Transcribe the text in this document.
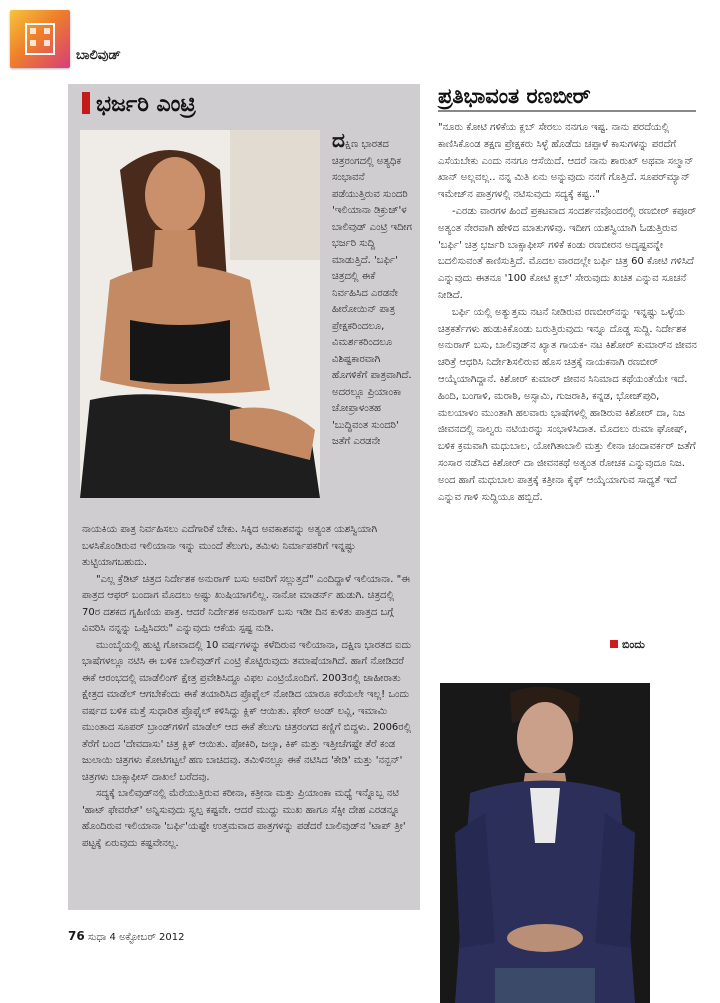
ಬಾಲಿವುಡ್
ಭರ್ಜರಿ ಎಂಟ್ರಿ
ದಕ್ಷಿಣ ಭಾರತದ ಚಿತ್ರರಂಗದಲ್ಲಿ ಅತ್ಯಧಿಕ ಸಂಭಾವನೆ ಪಡೆಯುತ್ತಿರುವ ಸುಂದರಿ 'ಇಲಿಯಾನಾ ಡಿಕ್ರುಜ್'ಳ ಬಾಲಿವುಡ್ ಎಂಟ್ರಿ ಇದೀಗ ಭರ್ಜರಿ ಸುದ್ದಿ ಮಾಡುತ್ತಿದೆ. 'ಬರ್ಫಿ' ಚಿತ್ರದಲ್ಲಿ ಈಕೆ ನಿರ್ವಹಿಸಿದ ಎರಡನೇ ಹೀರೋಯಿನ್ ಪಾತ್ರ ಪ್ರೇಕ್ಷಕರಿಂದಲೂ, ವಿಮರ್ಶಕರಿಂದಲೂ ವಿಶಿಷ್ಟಕಾರವಾಗಿ ಹೊಗಳಿಕೆಗೆ ಪಾತ್ರವಾಗಿದೆ. ಅದರಲ್ಲೂ ಪ್ರಿಯಾಂಕಾ ಚೋಪ್ರಾಳಂತಹ 'ಬುದ್ಧಿವಂತ ಸುಂದರಿ' ಜತೆಗೆ ಎರಡನೇ

ನಾಯಕಿಯ ಪಾತ್ರ ನಿರ್ವಹಿಸಲು ಎದೆಗಾರಿಕೆ ಬೇಕು. ಸಿಕ್ಕಿದ ಅವಕಾಶವನ್ನು ಅತ್ಯಂತ ಯಶಸ್ವಿಯಾಗಿ ಬಳಸಿಕೊಂಡಿರುವ ಇಲಿಯಾನಾ ಇನ್ನು ಮುಂದೆ ತೆಲುಗು, ತಮಿಳು ನಿರ್ಮಾಪಕರಿಗೆ ಇನ್ನಷ್ಟು ತುಟ್ಟಿಯಾಗಬಹುದು.

"ಎಲ್ಲ ಕ್ರೆಡಿಟ್ ಚಿತ್ರದ ನಿರ್ದೇಶಕ ಅನುರಾಗ್ ಬಸು ಅವರಿಗೆ ಸಲ್ಲುತ್ತದೆ" ಎಂದಿದ್ದಾಳೆ ಇಲಿಯಾನಾ. "ಈ ಪಾತ್ರದ ಆಫರ್ ಬಂದಾಗ ಮೊದಲು ಅಷ್ಟು ಖುಷಿಯಾಗಲಿಲ್ಲ. ನಾನೋ ಮಾಡರ್ನ್ ಹುಡುಗಿ. ಚಿತ್ರದಲ್ಲಿ 70ರ ದಶಕದ ಗೃಹಿಣಿಯ ಪಾತ್ರ. ಆದರೆ ನಿರ್ದೇಶಕ ಅನುರಾಗ್ ಬಸು ಇಡೀ ದಿನ ಕುಳಿತು ಪಾತ್ರದ ಬಗ್ಗೆ ವಿವರಿಸಿ ನನ್ನನ್ನು ಒಪ್ಪಿಸಿದರು" ಎನ್ನುವುದು ಆಕೆಯ ಸ್ಪಷ್ಟ ನುಡಿ.

ಮುಂಬೈಯಲ್ಲಿ ಹುಟ್ಟಿ ಗೋವಾದಲ್ಲಿ 10 ವರ್ಷಗಳನ್ನು ಕಳೆದಿರುವ ಇಲಿಯಾನಾ, ದಕ್ಷಿಣ ಭಾರತದ ಐದು ಭಾಷೆಗಳಲ್ಲೂ ನಟಿಸಿ ಈ ಬಳಿಕ ಬಾಲಿವುಡ್‌ಗೆ ಎಂಟ್ರಿ ಕೊಟ್ಟಿರುವುದು ತಮಾಷೆಯಾಗಿದೆ. ಹಾಗೆ ನೋಡಿದರೆ ಈಕೆ ಆರಂಭದಲ್ಲಿ ಮಾಡೆಲಿಂಗ್ ಕ್ಷೇತ್ರ ಪ್ರವೇಶಿಸಿದ್ದೂ ವಿಫಲ ಎಂಟ್ರಿಯೊಂದಿಗೆ. 2003ರಲ್ಲಿ ಜಾಹೀರಾತು ಕ್ಷೇತ್ರದ ಮಾಡೆಲ್ ಆಗಬೇಕೆಂದು ಈಕೆ ತಯಾರಿಸಿದ ಪ್ರೊಫೈಲ್ ನೋಡಿದ ಯಾರೂ ಕರೆಯಲೇ ಇಲ್ಲ! ಒಂದು ವರ್ಷದ ಬಳಿಕ ಮತ್ತೆ ಸುಧಾರಿತ ಪ್ರೊಫೈಲ್ ಕಳಿಸಿದ್ದು ಕ್ಲಿಕ್ ಆಯಿತು. ಫೇರ್ ಅಂಡ್ ಲವ್ಲಿ, ಇಮಾಮಿ ಮುಂತಾದ ಸೂಪರ್ ಬ್ರಾಂಡ್‌ಗಳಿಗೆ ಮಾಡೆಲ್ ಆದ ಈಕೆ ತೆಲುಗು ಚಿತ್ರರಂಗದ ಕಣ್ಣಿಗೆ ಬಿದ್ದಳು. 2006ರಲ್ಲಿ ತೆರೆಗೆ ಬಂದ 'ದೇವದಾಸು' ಚಿತ್ರ ಕ್ಲಿಕ್ ಆಯಿತು. ಪೋಕಿರಿ, ಜಲ್ಸಾ, ಕಿಕ್ ಮತ್ತು ಇತ್ತೀಚೆಗಷ್ಟೇ ತೆರೆ ಕಂಡ ಜುಲಾಯಿ ಚಿತ್ರಗಳು ಕೋಟಿಗಟ್ಟಲೆ ಹಣ ಬಾಚಿದವು. ತಮಿಳಿನಲ್ಲೂ ಈಕೆ ನಟಿಸಿದ 'ಕೇಡಿ' ಮತ್ತು 'ನನ್ಬನ್' ಚಿತ್ರಗಳು ಬಾಕ್ಸಾಫೀಸ್ ದಾಖಲೆ ಬರೆದವು.

ಸದ್ಯಕ್ಕೆ ಬಾಲಿವುಡ್‌ನಲ್ಲಿ ಮೆರೆಯುತ್ತಿರುವ ಕರೀನಾ, ಕತ್ರೀನಾ ಮತ್ತು ಪ್ರಿಯಾಂಕಾ ಮಧ್ಯೆ ಇನ್ನೊಬ್ಬ ನಟಿ 'ಹಾಟ್ ಫೇವರೆಟ್' ಅನ್ನಿಸುವುದು ಸ್ವಲ್ಪ ಕಷ್ಟವೇ. ಆದರೆ ಮುದ್ದು ಮುಖ ಹಾಗೂ ಸೆಕ್ಸೀ ದೇಹ ಎರಡನ್ನೂ ಹೊಂದಿರುವ ಇಲಿಯಾನಾ 'ಬರ್ಫಿ'ಯಷ್ಟೇ ಉತ್ತಮವಾದ ಪಾತ್ರಗಳನ್ನು ಪಡೆದರೆ ಬಾಲಿವುಡ್‌ನ 'ಟಾಪ್ ತ್ರೀ' ಪಟ್ಟಕ್ಕೆ ಏರುವುದು ಕಷ್ಟವೇನಲ್ಲ.

76 ಸುಧಾ 4 ಅಕ್ಟೋಬರ್ 2012
ಪ್ರತಿಭಾವಂತ ರಣಬೀರ್

"ನೂರು ಕೋಟಿ ಗಳಿಕೆಯ ಕ್ಲಬ್ ಸೇರಲು ನನಗೂ ಇಷ್ಟ. ನಾನು ಪರದೆಯಲ್ಲಿ ಕಾಣಿಸಿಕೊಂಡ ತಕ್ಷಣ ಪ್ರೇಕ್ಷಕರು ಸಿಳ್ಳೆ ಹೊಡೆದು ಚಪ್ಪಾಳೆ ಕಾಸುಗಳನ್ನು ಪರದೆಗೆ ಎಸೆಯಬೇಕು ಎಂದು ನನಗೂ ಆಸೆಯಿದೆ. ಆದರೆ ನಾನು ಶಾರುಖ್ ಅಥವಾ ಸಲ್ಮಾನ್ ಖಾನ್ ಅಲ್ಲವಲ್ಲ.. ನನ್ನ ಮಿತಿ ಏನು ಅನ್ನುವುದು ನನಗೆ ಗೊತ್ತಿದೆ. ಸೂಪರ್‌ಮ್ಯಾನ್ ಇಮೇಜ್‌ನ ಪಾತ್ರಗಳಲ್ಲಿ ನಟಿಸುವುದು ಸದ್ಯಕ್ಕೆ ಕಷ್ಟ.."

-ಎರಡು ವಾರಗಳ ಹಿಂದೆ ಪ್ರಕಟವಾದ ಸಂದರ್ಶನವೊಂದರಲ್ಲಿ ರಣಬೀರ್ ಕಪೂರ್ ಅತ್ಯಂತ ನೇರವಾಗಿ ಹೇಳಿದ ಮಾತುಗಳಿವು. ಇದೀಗ ಯಶಸ್ವಿಯಾಗಿ ಓಡುತ್ತಿರುವ 'ಬರ್ಫಿ' ಚಿತ್ರ ಭರ್ಜರಿ ಬಾಕ್ಸಾಫೀಸ್ ಗಳಿಕೆ ಕಂಡು ರಣಬೀರನ ಅದೃಷ್ಟವನ್ನೇ ಬದಲಿಸುವಂತೆ ಕಾಣಿಸುತ್ತಿದೆ. ಮೊದಲ ವಾರದಲ್ಲೇ ಬರ್ಫಿ ಚಿತ್ರ 60 ಕೋಟಿ ಗಳಿಸಿದೆ ಎನ್ನುವುದು ಈತನೂ '100 ಕೋಟಿ ಕ್ಲಬ್' ಸೇರುವುದು ಖಚಿತ ಎನ್ನುವ ಸೂಚನೆ ನೀಡಿದೆ.

ಬರ್ಫಿ ಯಲ್ಲಿ ಅತ್ಯುತ್ತಮ ನಟನೆ ನೀಡಿರುವ ರಣಬೀರ್‌ನನ್ನು ಇನ್ನಷ್ಟು ಒಳ್ಳೆಯ ಚಿತ್ರಕರ್ತೆಗಳು ಹುಡುಕಿಕೊಂಡು ಬರುತ್ತಿರುವುದು ಇನ್ನೂ ದೊಡ್ಡ ಸುದ್ದಿ. ನಿರ್ದೇಶಕ ಅನುರಾಗ್ ಬಸು, ಬಾಲಿವುಡ್‌ನ ಖ್ಯಾತ ಗಾಯಕ- ನಟ ಕಿಶೋರ್ ಕುಮಾರ್‌ನ ಜೀವನ ಚರಿತ್ರೆ ಆಧರಿಸಿ ನಿರ್ದೇಶಿಸಲಿರುವ ಹೊಸ ಚಿತ್ರಕ್ಕೆ ನಾಯಕನಾಗಿ ರಣಬೀರ್ ಆಯ್ಕೆಯಾಗಿದ್ದಾನೆ. ಕಿಶೋರ್ ಕುಮಾರ್ ಜೀವನ ಸಿನಿಮಾದ ಕಥೆಯಂತೆಯೇ ಇದೆ. ಹಿಂದಿ, ಬಂಗಾಳಿ, ಮರಾಠಿ, ಅಸ್ಸಾಮಿ, ಗುಜರಾತಿ, ಕನ್ನಡ, ಭೋಜ್‌ಪುರಿ, ಮಲಯಾಳಂ ಮುಂತಾಗಿ ಹಲವಾರು ಭಾಷೆಗಳಲ್ಲಿ ಹಾಡಿರುವ ಕಿಶೋರ್ ದಾ, ನಿಜ ಜೀವನದಲ್ಲಿ ನಾಲ್ವರು ನಟಿಯರನ್ನು ಸಂಭಾಳಿಸಿದಾತ. ಮೊದಲು ರುಮಾ ಘೋಷ್, ಬಳಿಕ ಕ್ರಮವಾಗಿ ಮಧುಬಾಲ, ಯೋಗಿತಾಬಾಲಿ ಮತ್ತು ಲೀನಾ ಚಂದಾವರ್ಕರ್ ಜತೆಗೆ ಸಂಸಾರ ನಡೆಸಿದ ಕಿಶೋರ್ ದಾ ಜೀವನಕಥೆ ಅತ್ಯಂತ ರೋಚಕ ಎನ್ನುವುದೂ ನಿಜ. ಅಂದ ಹಾಗೆ ಮಧುಬಾಲ ಪಾತ್ರಕ್ಕೆ ಕತ್ರೀನಾ ಕೈಫ್ ಆಯ್ಕೆಯಾಗುವ ಸಾಧ್ಯತೆ ಇದೆ ಎನ್ನುವ ಗಾಳಿ ಸುದ್ದಿಯೂ ಹಬ್ಬಿದೆ.

ಬಿಂದು
